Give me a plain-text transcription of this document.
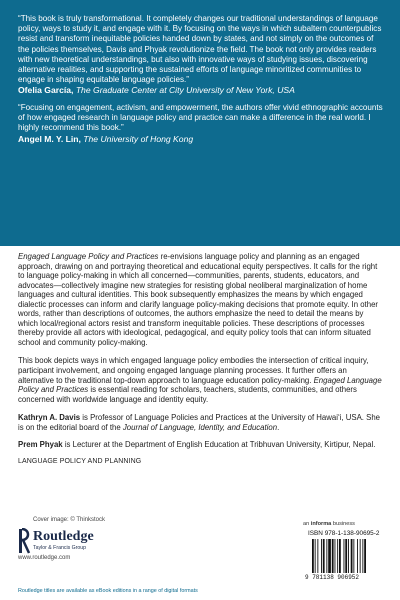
“This book is truly transformational. It completely changes our traditional understandings of language policy, ways to study it, and engage with it. By focusing on the ways in which subaltern counterpublics resist and transform inequitable policies handed down by states, and not simply on the outcomes of the policies themselves, Davis and Phyak revolutionize the field. The book not only provides readers with new theoretical understandings, but also with innovative ways of studying issues, discovering alternative realities, and supporting the sustained efforts of language minoritized communities to engage in shaping equitable language policies.”

Ofelia García, The Graduate Center at City University of New York, USA

“Focusing on engagement, activism, and empowerment, the authors offer vivid ethnographic accounts of how engaged research in language policy and practice can make a difference in the real world. I highly recommend this book.”

Angel M. Y. Lin, The University of Hong Kong

Engaged Language Policy and Practices re-envisions language policy and planning as an engaged approach, drawing on and portraying theoretical and educational equity perspectives. It calls for the right to language policy-making in which all concerned—communities, parents, students, educators, and advocates—collectively imagine new strategies for resisting global neoliberal marginalization of home languages and cultural identities. This book subsequently emphasizes the means by which engaged dialectic processes can inform and clarify language policy-making decisions that promote equity. In other words, rather than descriptions of outcomes, the authors emphasize the need to detail the means by which local/regional actors resist and transform inequitable policies. These descriptions of processes thereby provide all actors with ideological, pedagogical, and equity policy tools that can inform situated school and community policy-making.

This book depicts ways in which engaged language policy embodies the intersection of critical inquiry, participant involvement, and ongoing engaged language planning processes. It further offers an alternative to the traditional top-down approach to language education policy-making. Engaged Language Policy and Practices is essential reading for scholars, teachers, students, communities, and others concerned with worldwide language and identity equity.

Kathryn A. Davis is Professor of Language Policies and Practices at the University of Hawai‘i, USA. She is on the editorial board of the Journal of Language, Identity, and Education.

Prem Phyak is Lecturer at the Department of English Education at Tribhuvan University, Kirtipur, Nepal.

LANGUAGE POLICY AND PLANNING

Cover image: © Thinkstock
Routledge
Taylor & Francis Group
www.routledge.com
an informa business
ISBN 978-1-138-90695-2
9 781138 906952
Routledge titles are available as eBook editions in a range of digital formats
